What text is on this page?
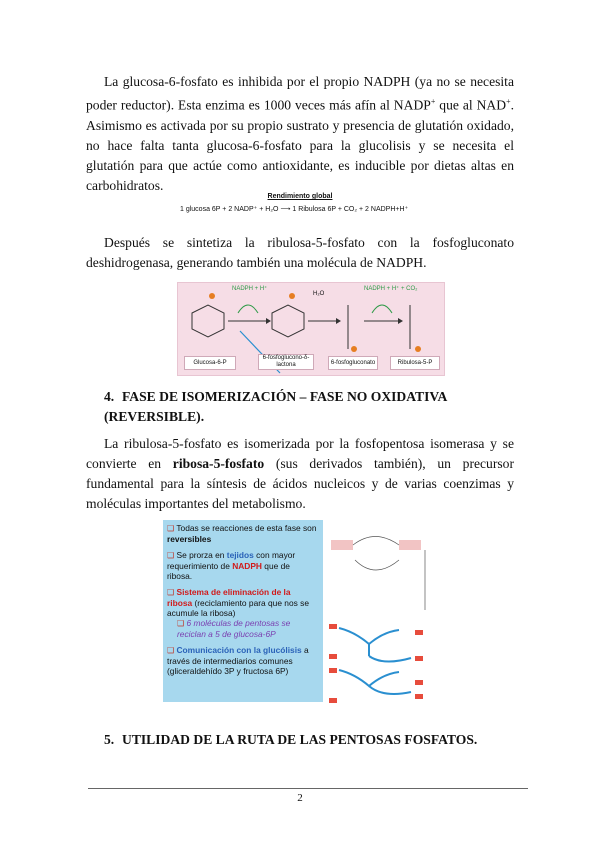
La glucosa-6-fosfato es inhibida por el propio NADPH (ya no se necesita poder reductor). Esta enzima es 1000 veces más afín al NADP+ que al NAD+. Asimismo es activada por su propio sustrato y presencia de glutatión oxidado, no hace falta tanta glucosa-6-fosfato para la glucolisis y se necesita el glutatión para que actúe como antioxidante, es inducible por dietas altas en carbohidratos.

Rendimiento global
1 glucosa 6P + 2 NADP⁺ + H₂O ⟶ 1 Ribulosa 6P + CO₂ + 2 NADPH+H⁺

Después se sintetiza la ribulosa-5-fosfato con la fosfogluconato deshidrogenasa, generando también una molécula de NADPH.

NADPH + H⁺
H₂O
NADPH + H⁺ + CO₂
Glucosa-6-P
6-fosfoglucono-δ-lactona	6-fosfogluconato	Ribulosa-5-P
4. FASE DE ISOMERIZACIÓN – FASE NO OXIDATIVA (REVERSIBLE).

La ribulosa-5-fosfato es isomerizada por la fosfopentosa isomerasa y se convierte en ribosa-5-fosfato (sus derivados también), un precursor fundamental para la síntesis de ácidos nucleicos y de varias coenzimas y moléculas importantes del metabolismo.

❑ Todas se reacciones de esta fase son reversibles

❑ Se prorza en tejidos con mayor requerimiento de NADPH que de ribosa.

❑ Sistema de eliminación de la ribosa (reciclamiento para que nos se acumule la ribosa)

❑ 6 moléculas de pentosas se reciclan a 5 de glucosa-6P

❑ Comunicación con la glucólisis a través de intermediarios comunes (gliceraldehído 3P y fructosa 6P)

5. UTILIDAD DE LA RUTA DE LAS PENTOSAS FOSFATOS.
2
